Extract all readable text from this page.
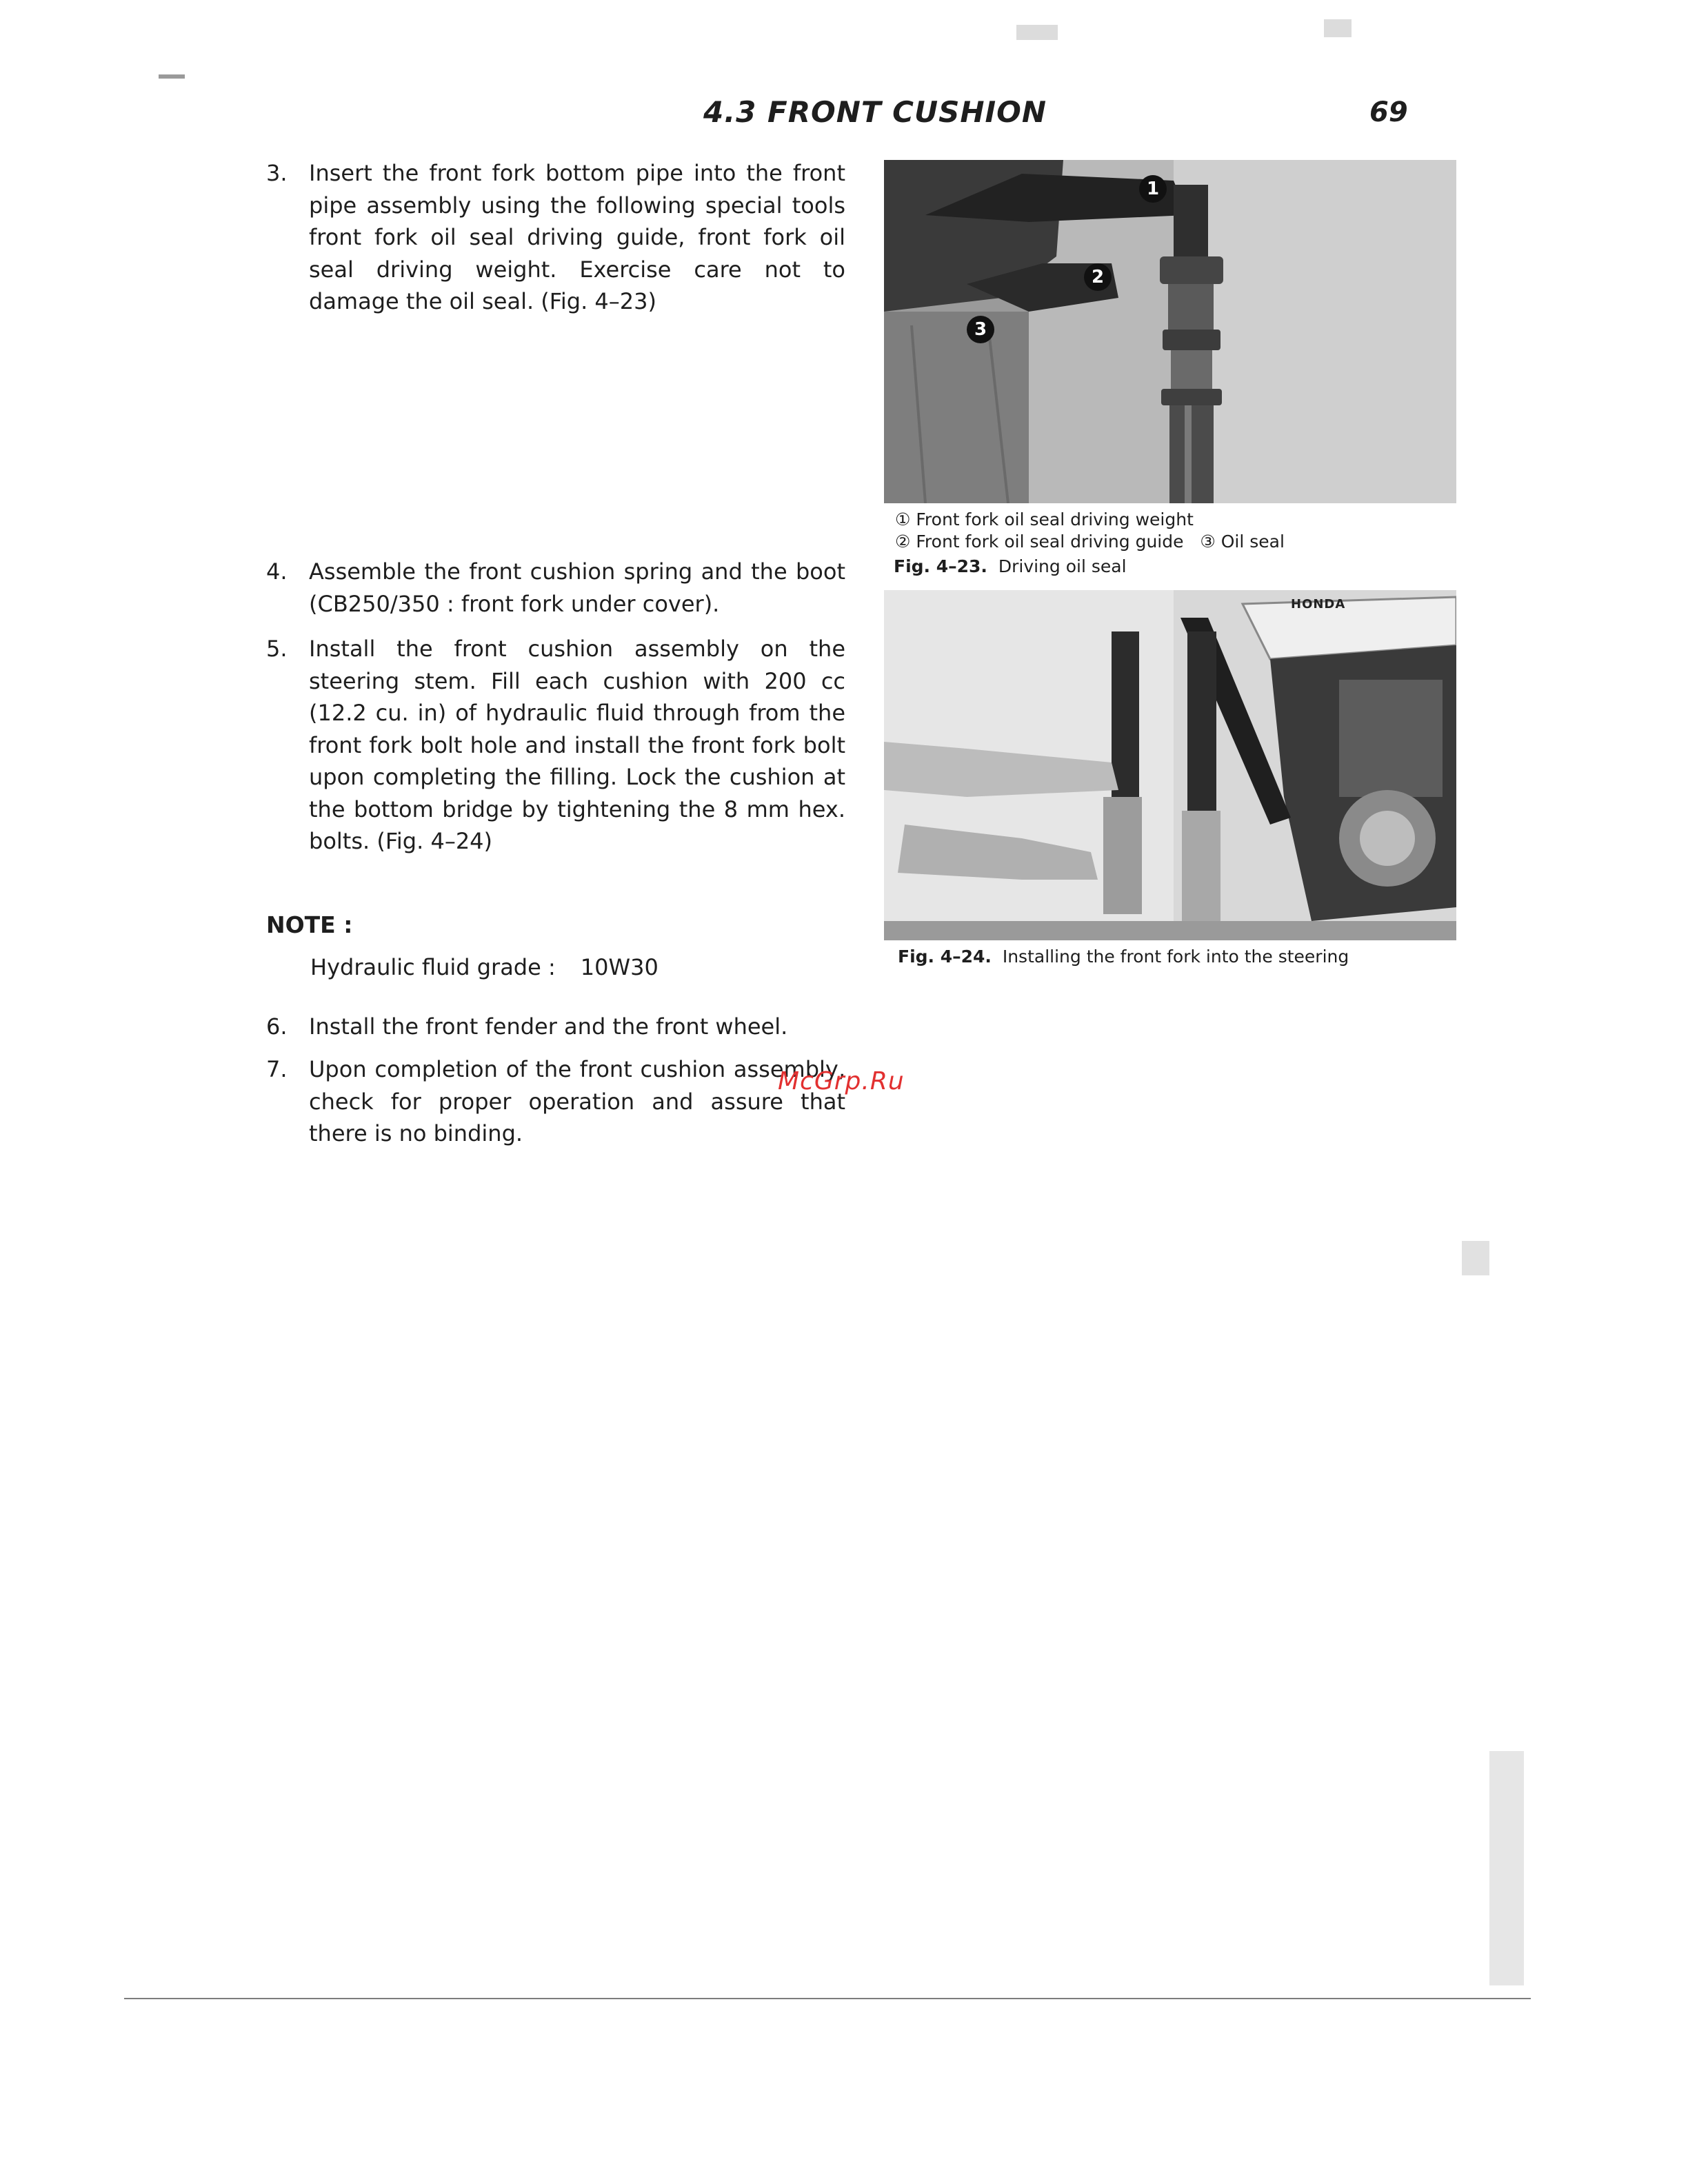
4.3 FRONT CUSHION	69
3. Insert the front fork bottom pipe into the front pipe assembly using the following special tools front fork oil seal driving guide, front fork oil seal driving weight. Exercise care not to damage the oil seal. (Fig. 4–23)
4. Assemble the front cushion spring and the boot (CB250/350 : front fork under cover).
5. Install the front cushion assembly on the steering stem. Fill each cushion with 200 cc (12.2 cu. in) of hydraulic fluid through from the front fork bolt hole and install the front fork bolt upon completing the filling. Lock the cushion at the bottom bridge by tightening the 8 mm hex. bolts. (Fig. 4–24)
NOTE :
Hydraulic fluid grade : 10W30
6. Install the front fender and the front wheel.
7. Upon completion of the front cushion assembly, check for proper operation and assure that there is no binding.
1
2
3
① Front fork oil seal driving weight
② Front fork oil seal driving guide ③ Oil seal
Fig. 4–23. Driving oil seal
HONDA
Fig. 4–24. Installing the front fork into the steering
McGrp.Ru
